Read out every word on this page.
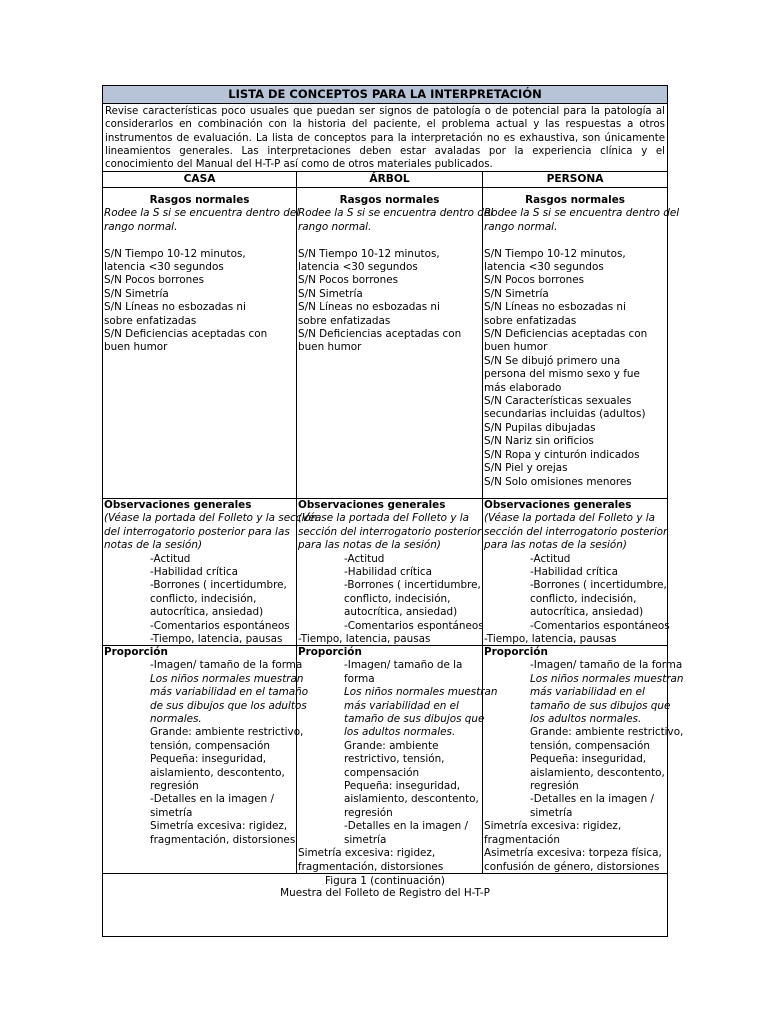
LISTA DE CONCEPTOS PARA LA INTERPRETACIÓN
Revise características poco usuales que puedan ser signos de patología o de potencial para la patología al considerarlos en combinación con la historia del paciente, el problema actual y las respuestas a otros instrumentos de evaluación. La lista de conceptos para la interpretación no es exhaustiva, son únicamente lineamientos generales. Las interpretaciones deben estar avaladas por la experiencia clínica y el conocimiento del Manual del H-T-P así como de otros materiales publicados.
CASA	ÁRBOL	PERSONA
Rasgos normales
Rodee la S si se encuentra dentro del
rango normal.
S/N Tiempo 10-12 minutos,
latencia <30 segundos
S/N Pocos borrones
S/N Simetría
S/N Líneas no esbozadas ni
sobre enfatizadas
S/N Deficiencias aceptadas con
buen humor
Rasgos normales
Rodee la S si se encuentra dentro del
rango normal.
S/N Tiempo 10-12 minutos,
latencia <30 segundos
S/N Pocos borrones
S/N Simetría
S/N Líneas no esbozadas ni
sobre enfatizadas
S/N Deficiencias aceptadas con
buen humor
Rasgos normales
Rodee la S si se encuentra dentro del
rango normal.
S/N Tiempo 10-12 minutos,
latencia <30 segundos
S/N Pocos borrones
S/N Simetría
S/N Líneas no esbozadas ni
sobre enfatizadas
S/N Deficiencias aceptadas con
buen humor
S/N Se dibujó primero una
persona del mismo sexo y fue
más elaborado
S/N Características sexuales
secundarias incluidas (adultos)
S/N Pupilas dibujadas
S/N Nariz sin orificios
S/N Ropa y cinturón indicados
S/N Piel y orejas
S/N Solo omisiones menores
Observaciones generales
(Véase la portada del Folleto y la sección
del interrogatorio posterior para las
notas de la sesión)
-Actitud
-Habilidad crítica
-Borrones ( incertidumbre,
conflicto, indecisión,
autocrítica, ansiedad)
-Comentarios espontáneos
-Tiempo, latencia, pausas
Observaciones generales
(Véase la portada del Folleto y la
sección del interrogatorio posterior
para las notas de la sesión)
-Actitud
-Habilidad crítica
-Borrones ( incertidumbre,
conflicto, indecisión,
autocrítica, ansiedad)
-Comentarios espontáneos
-Tiempo, latencia, pausas
Observaciones generales
(Véase la portada del Folleto y la
sección del interrogatorio posterior
para las notas de la sesión)
-Actitud
-Habilidad crítica
-Borrones ( incertidumbre,
conflicto, indecisión,
autocrítica, ansiedad)
-Comentarios espontáneos
-Tiempo, latencia, pausas
Proporción
-Imagen/ tamaño de la forma
Los niños normales muestran
más variabilidad en el tamaño
de sus dibujos que los adultos
normales.
Grande: ambiente restrictivo,
tensión, compensación
Pequeña: inseguridad,
aislamiento, descontento,
regresión
-Detalles en la imagen /
simetría
Simetría excesiva: rigidez,
fragmentación, distorsiones
Proporción
-Imagen/ tamaño de la
forma
Los niños normales muestran
más variabilidad en el
tamaño de sus dibujos que
los adultos normales.
Grande: ambiente
restrictivo, tensión,
compensación
Pequeña: inseguridad,
aislamiento, descontento,
regresión
-Detalles en la imagen /
simetría
Simetría excesiva: rigidez,
fragmentación, distorsiones
Proporción
-Imagen/ tamaño de la forma
Los niños normales muestran
más variabilidad en el
tamaño de sus dibujos que
los adultos normales.
Grande: ambiente restrictivo,
tensión, compensación
Pequeña: inseguridad,
aislamiento, descontento,
regresión
-Detalles en la imagen /
simetría
Simetría excesiva: rigidez,
fragmentación
Asimetría excesiva: torpeza física,
confusión de género, distorsiones
Figura 1 (continuación)
Muestra del Folleto de Registro del H-T-P
